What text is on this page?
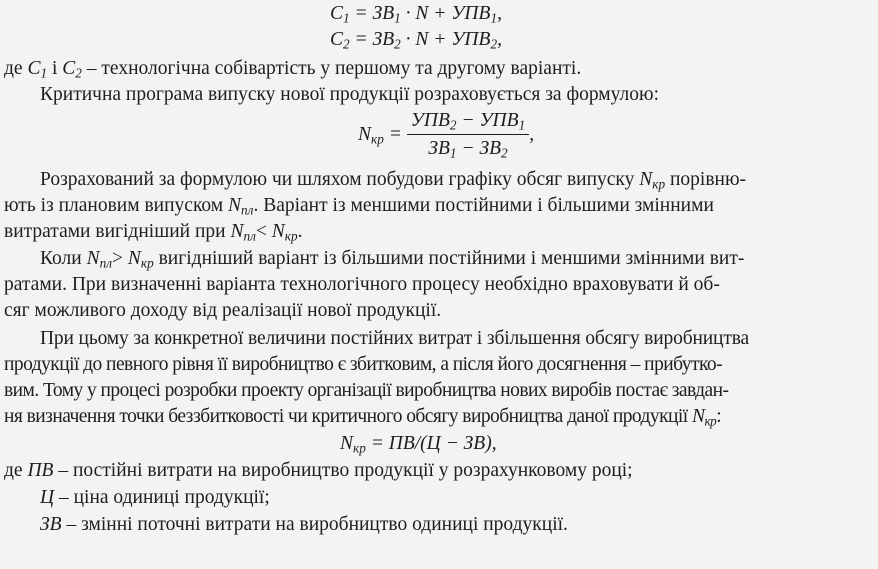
$C_1 = ЗВ_1 \cdot N + УПВ_1$,
$C_2 = ЗВ_2 \cdot N + УПВ_2$,
де $C_1$ і $C_2$ – технологічна собівартість у першому та другому варіанті.
Критична програма випуску нової продукції розраховується за формулою:
$N_{кр} = \frac{УПВ_2 - УПВ_1}{ЗВ_1 - ЗВ_2}$ ,
Розрахований за формулою чи шляхом побудови графіку обсяг випуску $N_{кр}$ порівню-
ють із плановим випуском $N_{пл}$. Варіант із меншими постійними і більшими змінними
витратами вигідніший при $N_{пл}< N_{кр}$.
Коли $N_{пл}> N_{кр}$ вигідніший варіант із більшими постійними і меншими змінними вит-
ратами. При визначенні варіанта технологічного процесу необхідно враховувати й об-
сяг можливого доходу від реалізації нової продукції.
При цьому за конкретної величини постійних витрат і збільшення обсягу виробництва
продукції до певного рівня її виробництво є збитковим, а після його досягнення – прибутко-
вим. Тому у процесі розробки проекту організації виробництва нових виробів постає завдан-
ня визначення точки беззбитковості чи критичного обсягу виробництва даної продукції $N_{кр}$:
$N_{кр} = ПВ/(Ц - ЗВ)$,
де ПВ – постійні витрати на виробництво продукції у розрахунковому році;
Ц – ціна одиниці продукції;
ЗВ – змінні поточні витрати на виробництво одиниці продукції.
